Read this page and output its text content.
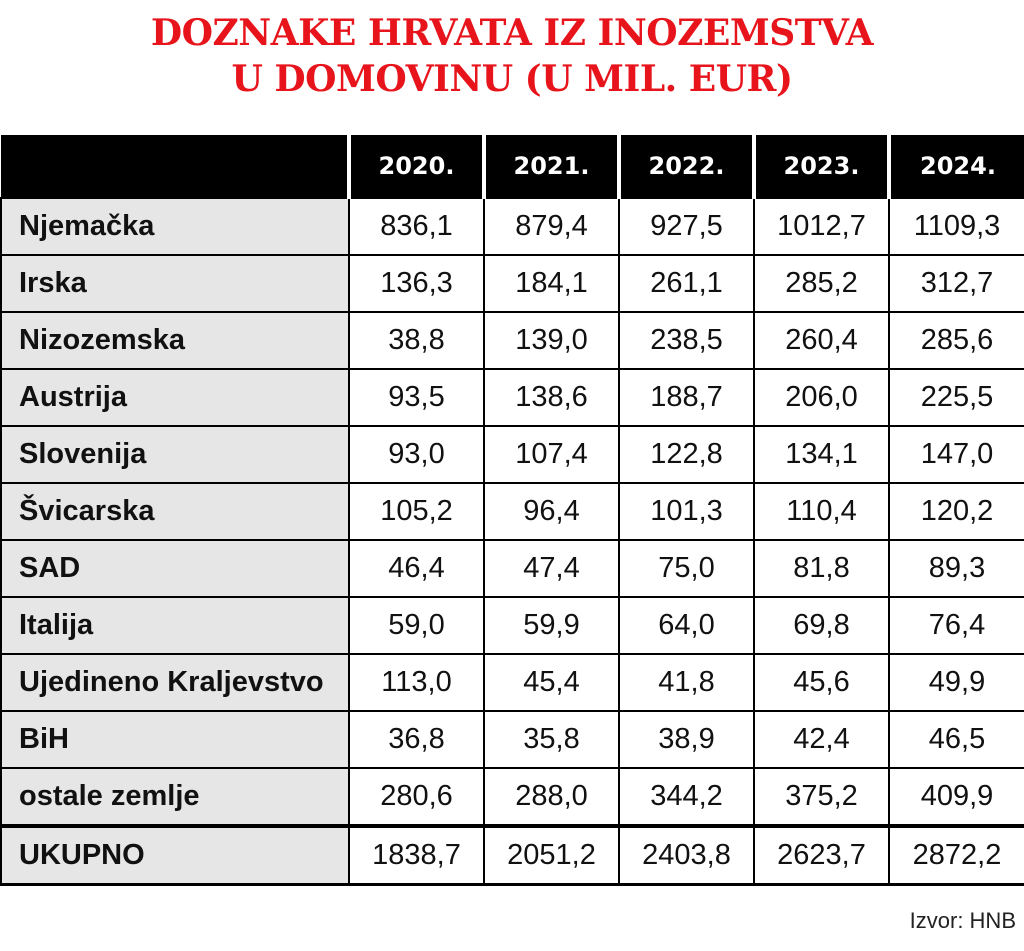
DOZNAKE HRVATA IZ INOZEMSTVA
U DOMOVINU (U MIL. EUR)
	2020.	2021.	2022.	2023.	2024.
Njemačka	836,1	879,4	927,5	1012,7	1109,3
Irska	136,3	184,1	261,1	285,2	312,7
Nizozemska	38,8	139,0	238,5	260,4	285,6
Austrija	93,5	138,6	188,7	206,0	225,5
Slovenija	93,0	107,4	122,8	134,1	147,0
Švicarska	105,2	96,4	101,3	110,4	120,2
SAD	46,4	47,4	75,0	81,8	89,3
Italija	59,0	59,9	64,0	69,8	76,4
Ujedineno Kraljevstvo	113,0	45,4	41,8	45,6	49,9
BiH	36,8	35,8	38,9	42,4	46,5
ostale zemlje	280,6	288,0	344,2	375,2	409,9
UKUPNO	1838,7	2051,2	2403,8	2623,7	2872,2
Izvor: HNB
